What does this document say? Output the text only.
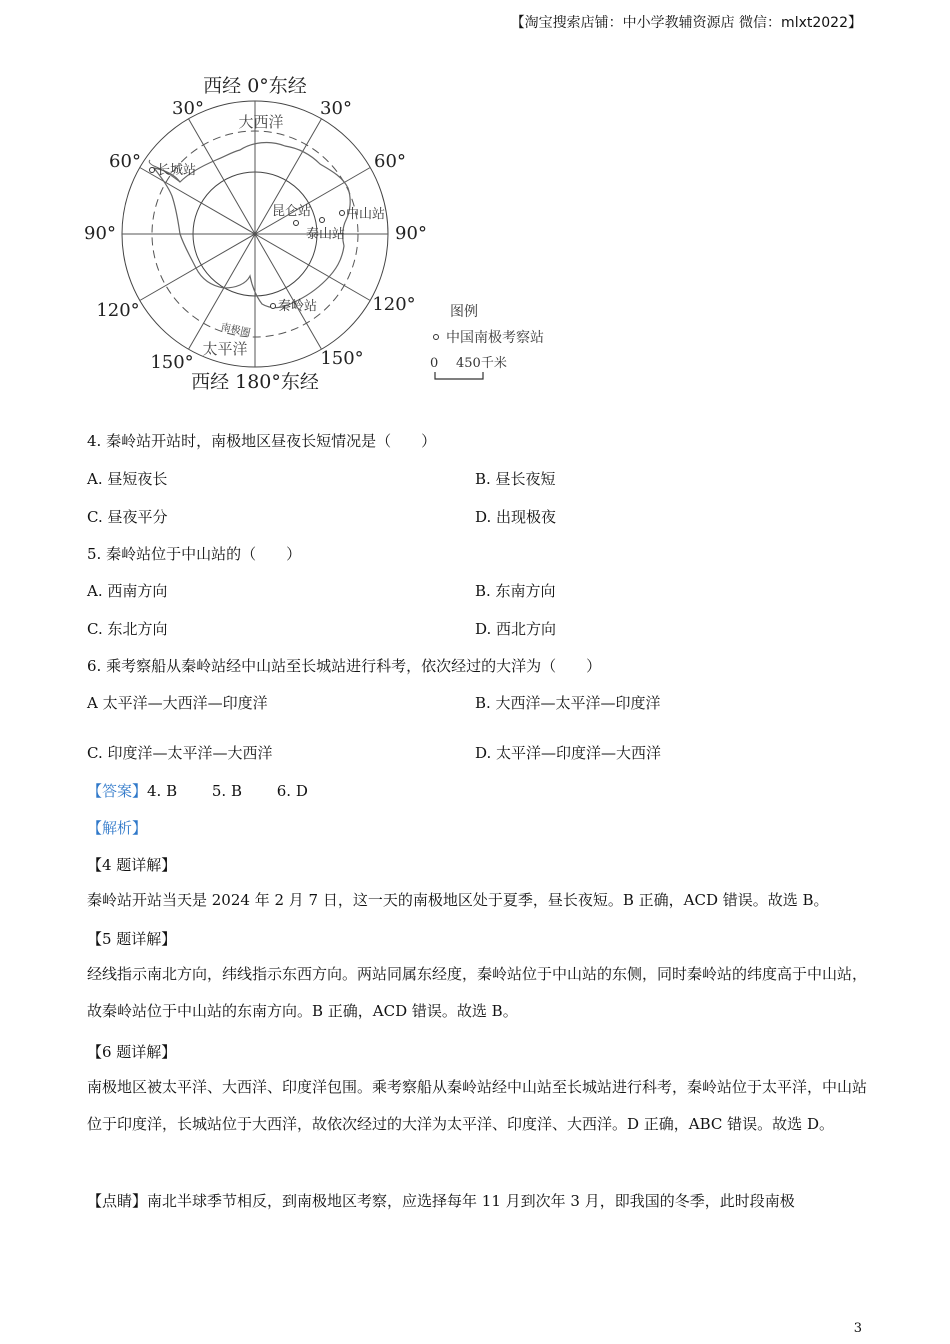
【淘宝搜索店铺：中小学教辅资源店 微信：mlxt2022】
西经 0°东经
西经 180°东经
30°	30°
60°	60°
90°	90°
120°	120°
150°	150°
大西洋
太平洋
南极圈
长城站
昆仑站	中山站
泰山站
秦岭站	图例
中国南极考察站
0 450千米
4. 秦岭站开站时，南极地区昼夜长短情况是（　　）
A. 昼短夜长	B. 昼长夜短
C. 昼夜平分	D. 出现极夜
5. 秦岭站位于中山站的（　　）
A. 西南方向	B. 东南方向
C. 东北方向	D. 西北方向
6. 乘考察船从秦岭站经中山站至长城站进行科考，依次经过的大洋为（　　）
A 太平洋—大西洋—印度洋	B. 大西洋—太平洋—印度洋
C. 印度洋—太平洋—大西洋	D. 太平洋—印度洋—大西洋
【答案】4. B　　 5. B　　 6. D
【解析】
【4 题详解】
秦岭站开站当天是 2024 年 2 月 7 日，这一天的南极地区处于夏季，昼长夜短。B 正确，ACD 错误。故选 B。
【5 题详解】
经线指示南北方向，纬线指示东西方向。两站同属东经度，秦岭站位于中山站的东侧，同时秦岭站的纬度高于中山站，故秦岭站位于中山站的东南方向。B 正确，ACD 错误。故选 B。
【6 题详解】
南极地区被太平洋、大西洋、印度洋包围。乘考察船从秦岭站经中山站至长城站进行科考，秦岭站位于太平洋，中山站位于印度洋，长城站位于大西洋，故依次经过的大洋为太平洋、印度洋、大西洋。D 正确，ABC 错误。故选 D。
【点睛】南北半球季节相反，到南极地区考察，应选择每年 11 月到次年 3 月，即我国的冬季，此时段南极
3
